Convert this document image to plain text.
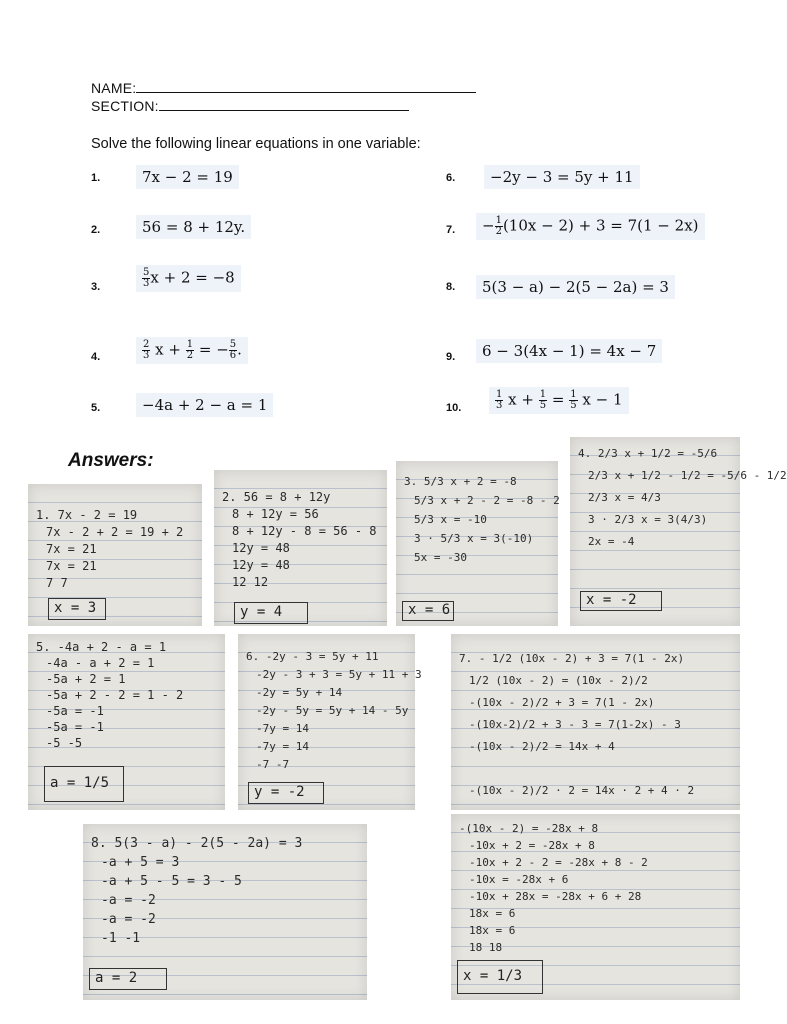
NAME:
SECTION:
Solve the following linear equations in one variable:
1.	7x − 2 = 19
2.	56 = 8 + 12y.
3.	$\frac{5}{3}$ x + 2 = −8
4.	$\frac{2}{3}$ $x + \frac{1}{2}$ = − $\frac{5}{6}$ .
5.	−4a + 2 − a = 1
6.	−2y − 3 = 5y + 11
7.	− $\frac{1}{2} (10x - 2) + 3 = 7(1 - 2x)$
8.	5(3 − a) − 2(5 − 2a) = 3
9.	6 − 3(4x − 1) = 4x − 7
10.	$\frac{1}{3}$ $x + \frac{1}{5} = \frac{1}{5}$ x − 1
Answers:
1. 7x - 2 = 19
7x - 2 + 2 = 19 + 2
7x = 21
7x = 21
7 7
x = 3
2. 56 = 8 + 12y
8 + 12y = 56
8 + 12y - 8 = 56 - 8
12y = 48
12y = 48
12 12
y = 4
3. 5/3 x + 2 = -8
5/3 x + 2 - 2 = -8 - 2
5/3 x = -10
3 · 5/3 x = 3(-10)
5x = -30
x = 6
4. 2/3 x + 1/2 = -5/6
2/3 x + 1/2 - 1/2 = -5/6 - 1/2
2/3 x = 4/3
3 · 2/3 x = 3(4/3)
2x = -4
x = -2
5. -4a + 2 - a = 1
-4a - a + 2 = 1
-5a + 2 = 1
-5a + 2 - 2 = 1 - 2
-5a = -1
-5a = -1
-5 -5
a = 1/5
6. -2y - 3 = 5y + 11
-2y - 3 + 3 = 5y + 11 + 3
-2y = 5y + 14
-2y - 5y = 5y + 14 - 5y
-7y = 14
-7y = 14
-7 -7
y = -2
7. - 1/2 (10x - 2) + 3 = 7(1 - 2x)
1/2 (10x - 2) = (10x - 2)/2
-(10x - 2)/2 + 3 = 7(1 - 2x)
-(10x-2)/2 + 3 - 3 = 7(1-2x) - 3
-(10x - 2)/2 = 14x + 4
-(10x - 2)/2 · 2 = 14x · 2 + 4 · 2
8. 5(3 - a) - 2(5 - 2a) = 3
-a + 5 = 3
-a + 5 - 5 = 3 - 5
-a = -2
-a = -2
-1 -1
a = 2
-(10x - 2) = -28x + 8
-10x + 2 = -28x + 8
-10x + 2 - 2 = -28x + 8 - 2
-10x = -28x + 6
-10x + 28x = -28x + 6 + 28
18x = 6
18x = 6
18 18
x = 1/3
